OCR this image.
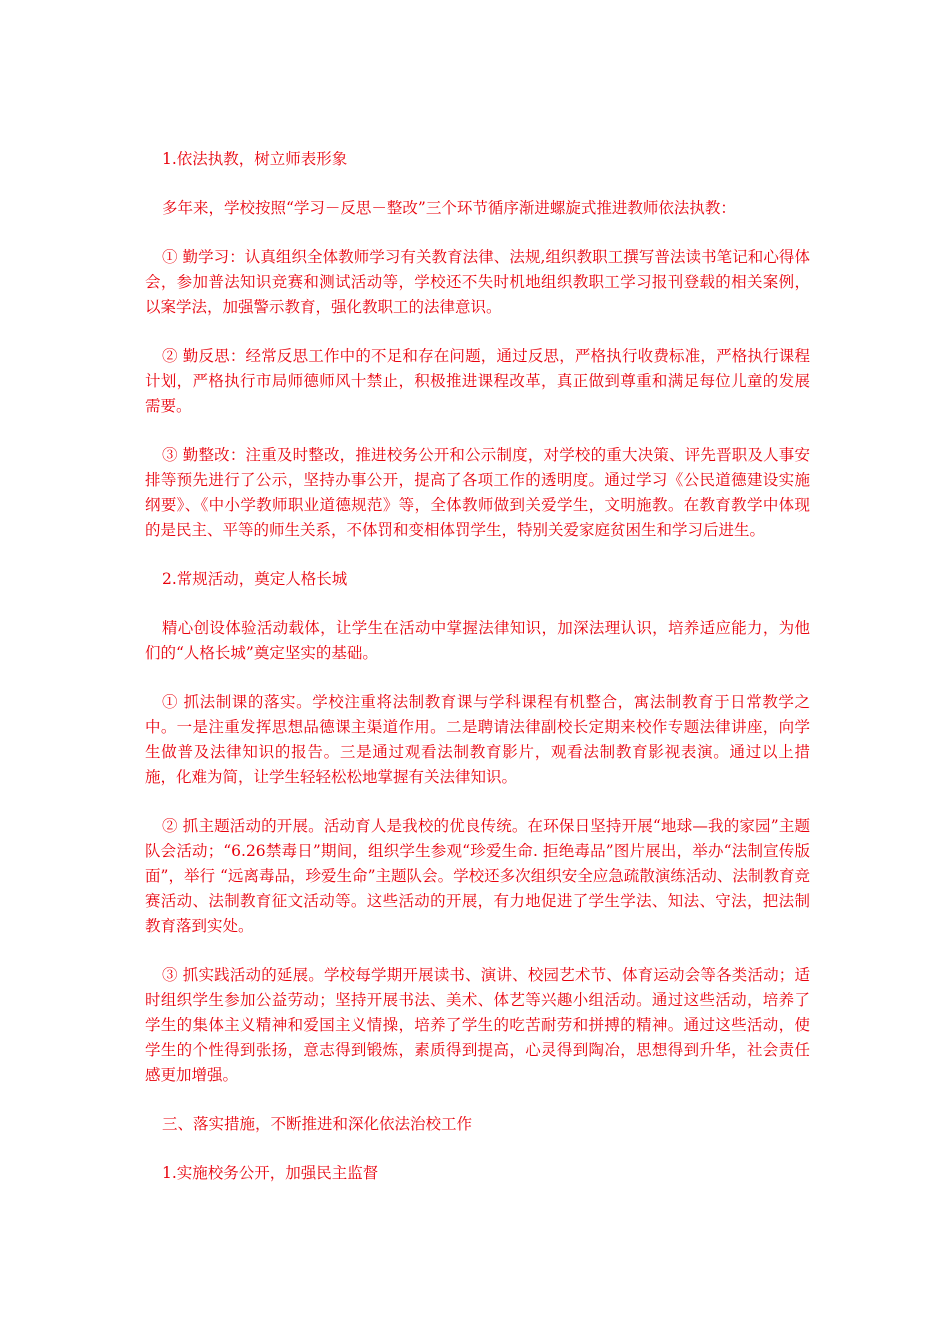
1.依法执教，树立师表形象

多年来，学校按照“学习－反思－整改”三个环节循序渐进螺旋式推进教师依法执教：

① 勤学习：认真组织全体教师学习有关教育法律、法规,组织教职工撰写普法读书笔记和心得体会，参加普法知识竞赛和测试活动等，学校还不失时机地组织教职工学习报刊登载的相关案例，以案学法，加强警示教育，强化教职工的法律意识。

② 勤反思：经常反思工作中的不足和存在问题，通过反思，严格执行收费标准，严格执行课程计划，严格执行市局师德师风十禁止，积极推进课程改革，真正做到尊重和满足每位儿童的发展需要。

③ 勤整改：注重及时整改，推进校务公开和公示制度，对学校的重大决策、评先晋职及人事安排等预先进行了公示，坚持办事公开，提高了各项工作的透明度。通过学习《公民道德建设实施纲要》、《中小学教师职业道德规范》等，全体教师做到关爱学生，文明施教。在教育教学中体现的是民主、平等的师生关系，不体罚和变相体罚学生，特别关爱家庭贫困生和学习后进生。

2.常规活动，奠定人格长城

精心创设体验活动载体，让学生在活动中掌握法律知识，加深法理认识，培养适应能力，为他们的“人格长城”奠定坚实的基础。

① 抓法制课的落实。学校注重将法制教育课与学科课程有机整合，寓法制教育于日常教学之中。一是注重发挥思想品德课主渠道作用。二是聘请法律副校长定期来校作专题法律讲座，向学生做普及法律知识的报告。三是通过观看法制教育影片，观看法制教育影视表演。通过以上措施，化难为简，让学生轻轻松松地掌握有关法律知识。

② 抓主题活动的开展。活动育人是我校的优良传统。在环保日坚持开展“地球—我的家园”主题队会活动；“6.26禁毒日”期间，组织学生参观“珍爱生命. 拒绝毒品”图片展出，举办“法制宣传版面”，举行 “远离毒品，珍爱生命”主题队会。学校还多次组织安全应急疏散演练活动、法制教育竞赛活动、法制教育征文活动等。这些活动的开展，有力地促进了学生学法、知法、守法，把法制教育落到实处。

③ 抓实践活动的延展。学校每学期开展读书、演讲、校园艺术节、体育运动会等各类活动；适时组织学生参加公益劳动；坚持开展书法、美术、体艺等兴趣小组活动。通过这些活动，培养了学生的集体主义精神和爱国主义情操，培养了学生的吃苦耐劳和拼搏的精神。通过这些活动，使学生的个性得到张扬，意志得到锻炼，素质得到提高，心灵得到陶冶，思想得到升华，社会责任感更加增强。

三、落实措施，不断推进和深化依法治校工作

1.实施校务公开，加强民主监督
